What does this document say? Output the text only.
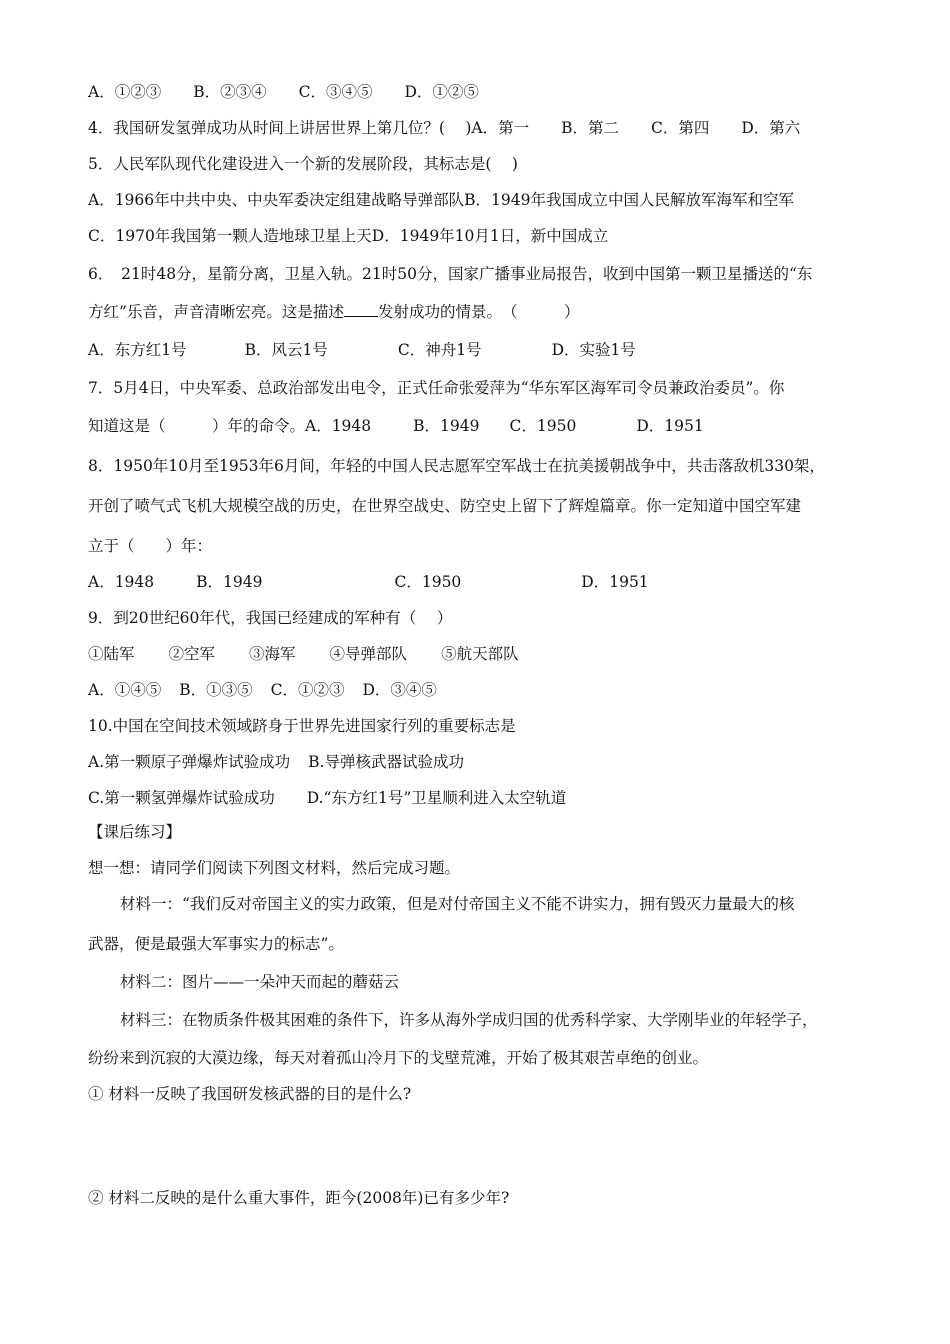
A．①②③ B．②③④ C．③④⑤ D．①②⑤
4．我国研发氢弹成功从时间上讲居世界上第几位？(　 )A．第一 B．第二 C．第四 D．第六
5．人民军队现代化建设进入一个新的发展阶段，其标志是(　 )
A．1966年中共中央、中央军委决定组建战略导弹部队B．1949年我国成立中国人民解放军海军和空军
C．1970年我国第一颗人造地球卫星上天D．1949年10月1日，新中国成立
6．　21时48分，星箭分离，卫星入轨。21时50分，国家广播事业局报告，收到中国第一颗卫星播送的“东
方红”乐音，声音清晰宏亮。这是描述 发射成功的情景。　（　　　）
A．东方红1号	B．风云1号	C．神舟1号	D．实验1号
7．5月4日，中央军委、总政治部发出电令，正式任命张爱萍为“华东军区海军司令员兼政治委员”。你
知道这是（　　　）年的命令。A．1948	B．1949 C．1950	D．1951
8．1950年10月至1953年6月间，年轻的中国人民志愿军空军战士在抗美援朝战争中，共击落敌机330架，
开创了喷气式飞机大规模空战的历史，在世界空战史、防空史上留下了辉煌篇章。你一定知道中国空军建
立于（　　）年：
A．1948	B．1949	C．1950	D．1951
9．到20世纪60年代，我国已经建成的军种有（　 ）
①陆军 ②空军 ③海军 ④导弹部队 ⑤航天部队
A．①④⑤ B．①③⑤ C．①②③ D．③④⑤
10.中国在空间技术领域跻身于世界先进国家行列的重要标志是
A.第一颗原子弹爆炸试验成功 B.导弹核武器试验成功
C.第一颗氢弹爆炸试验成功 D.“东方红1号”卫星顺利进入太空轨道
【课后练习】
想一想：请同学们阅读下列图文材料，然后完成习题。
材料一：“我们反对帝国主义的实力政策，但是对付帝国主义不能不讲实力，拥有毁灭力量最大的核
武器，便是最强大军事实力的标志”。
材料二：图片——一朵冲天而起的蘑菇云
材料三：在物质条件极其困难的条件下，许多从海外学成归国的优秀科学家、大学刚毕业的年轻学子，
纷纷来到沉寂的大漠边缘，每天对着孤山冷月下的戈壁荒滩，开始了极其艰苦卓绝的创业。
① 材料一反映了我国研发核武器的目的是什么?
② 材料二反映的是什么重大事件，距今(2008年)已有多少年?
